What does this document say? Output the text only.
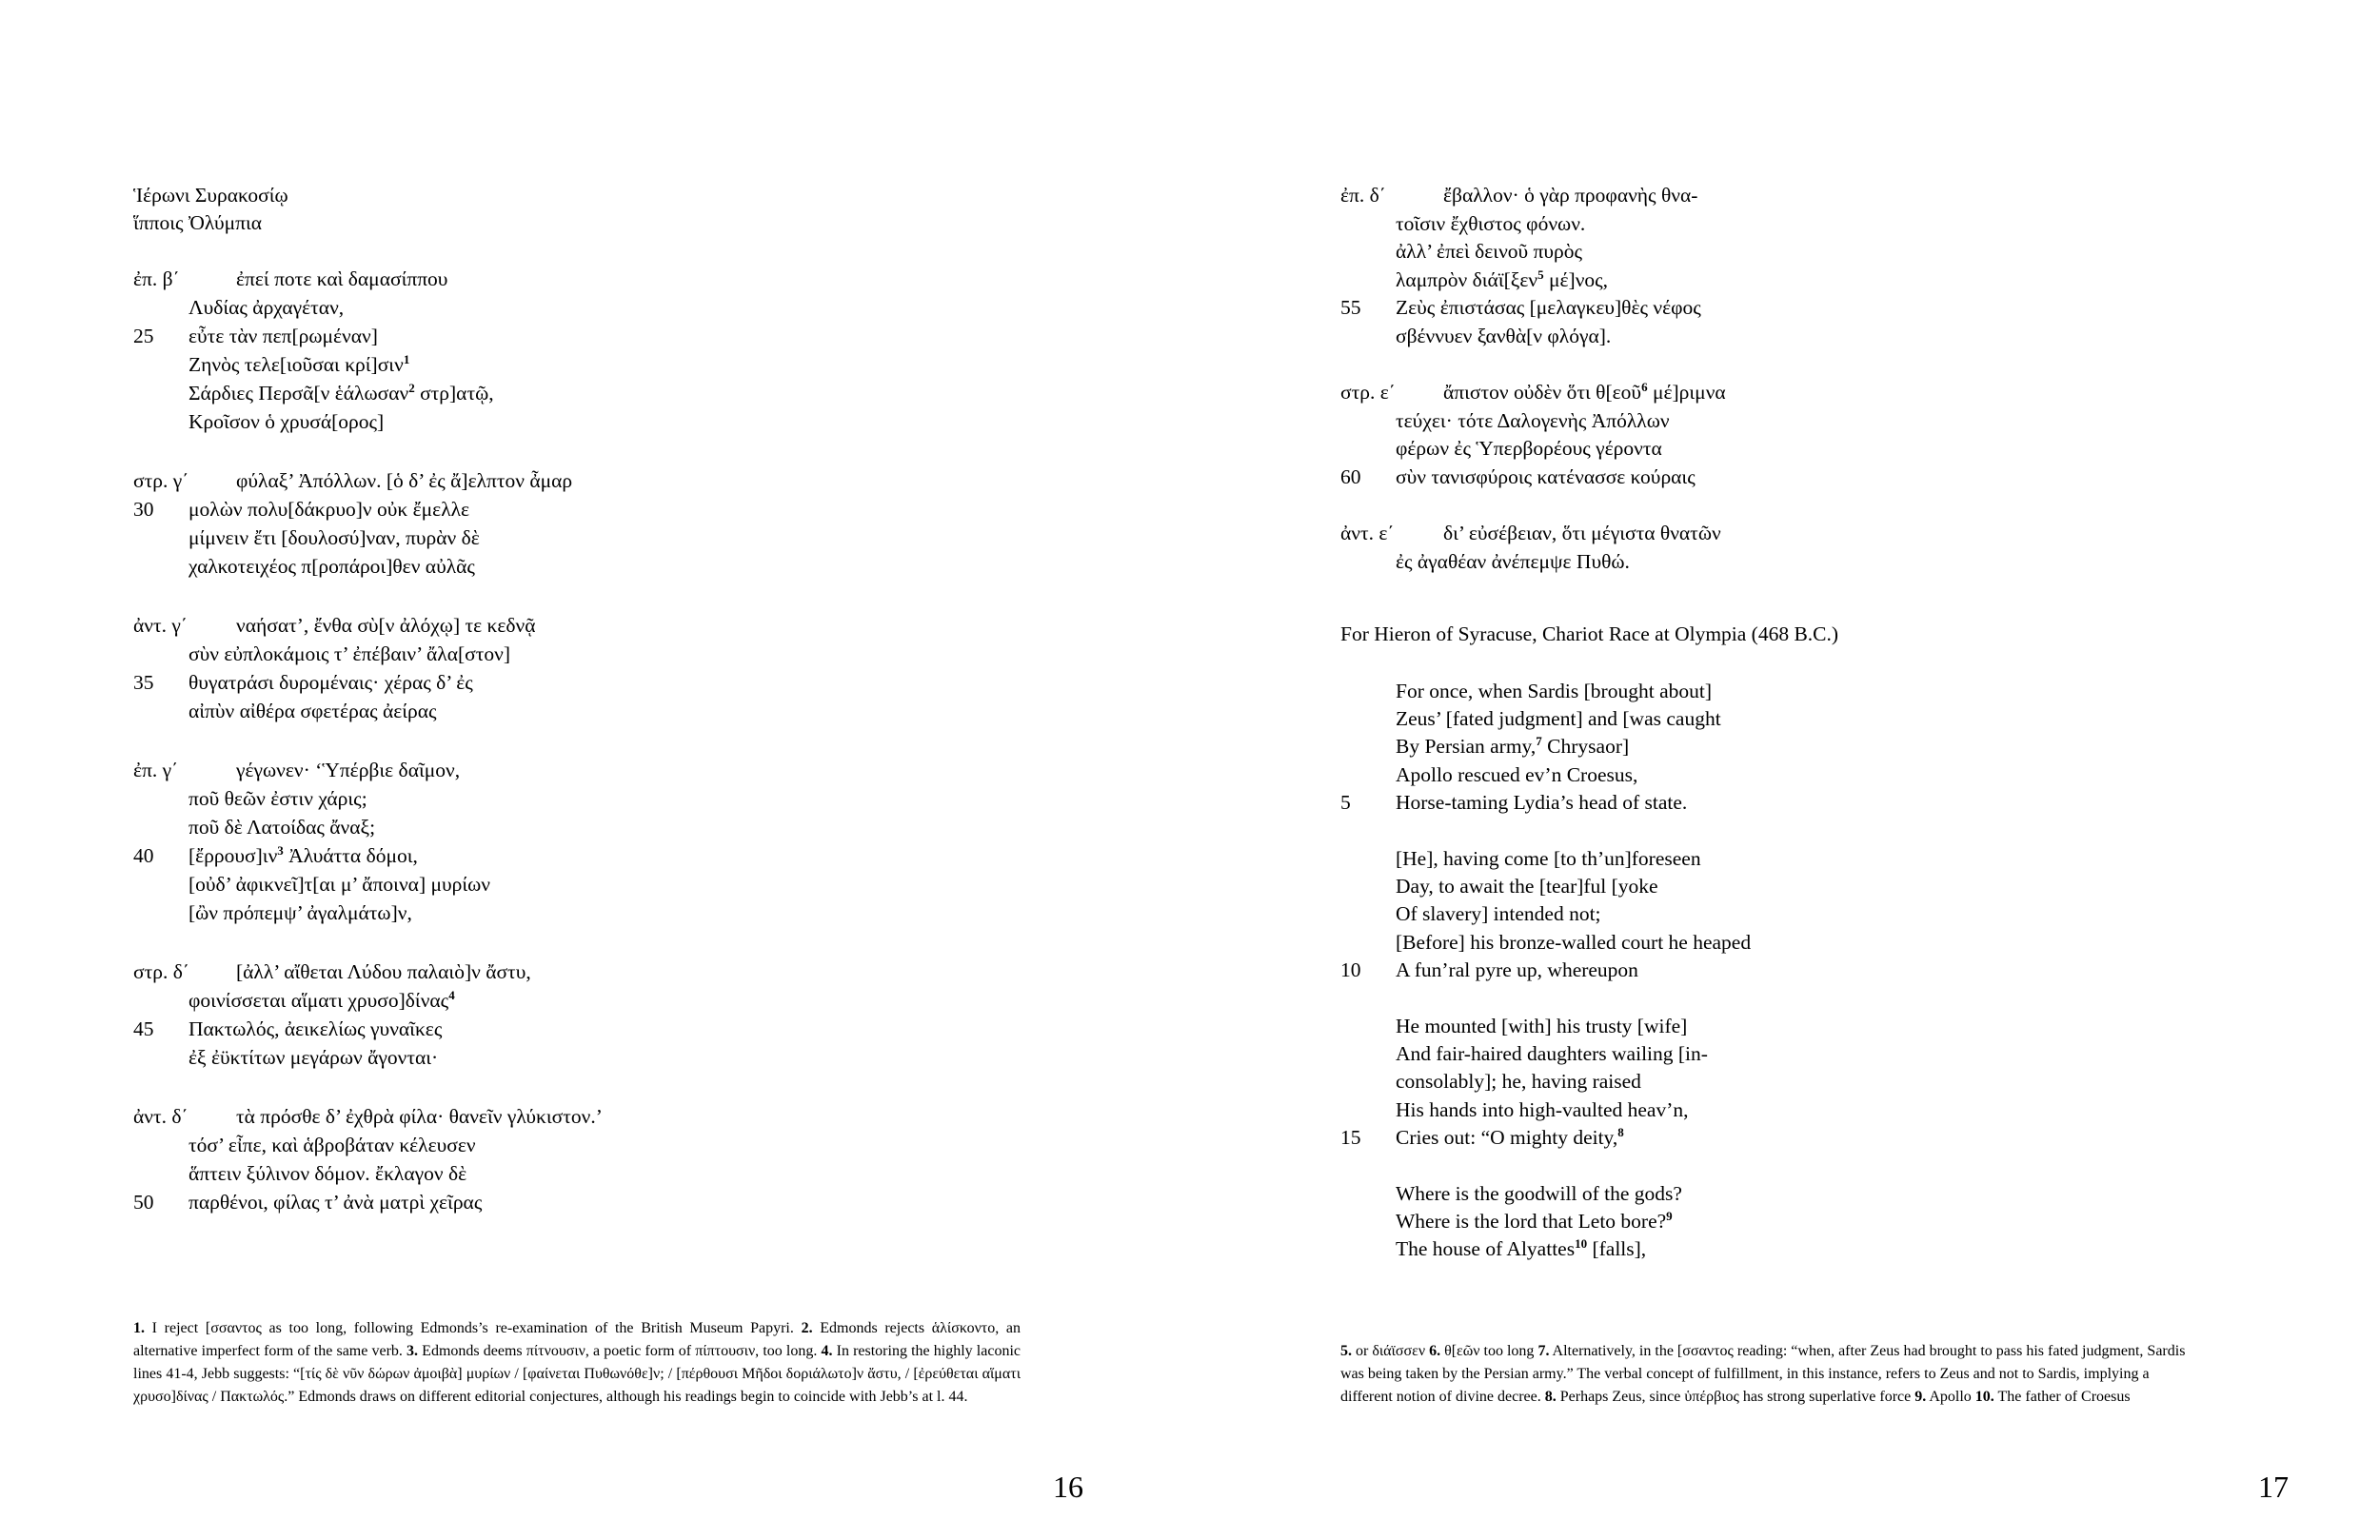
Ἱέρωνι Συρακοσίῳ
ἵπποις Ὀλύμπια
ἐπ. β΄	ἐπεί ποτε καὶ δαμασίππου
Λυδίας ἀρχαγέταν,
25 εὖτε τὰν πεπ[ρωμέναν]
Ζηνὸς τελε[ιοῦσαι κρί]σιν$^1$
Σάρδιες Περσᾶ[ν ἑάλωσαν$^2$ στρ]ατῷ,
Κροῖσον ὁ χρυσά[ορος]
στρ. γ΄ φύλαξ’ Ἀπόλλων. [ὁ δ’ ἐς ἄ]ελπτον ἆμαρ
30 μολὼν πολυ[δάκρυο]ν οὐκ ἔμελλε
μίμνειν ἔτι [δουλοσύ]ναν, πυρὰν δὲ
χαλκοτειχέος π[ροπάροι]θεν αὐλᾶς
ἀντ. γ΄ ναήσατ’, ἔνθα σὺ[ν ἀλόχῳ] τε κεδνᾷ
σὺν εὐπλοκάμοις τ’ ἐπέβαιν’ ἄλα[στον]
35 θυγατράσι δυρομέναις· χέρας δ’ ἐς
αἰπὺν αἰθέρα σφετέρας ἀείρας
ἐπ. γ΄	γέγωνεν· ‘Ὑπέρβιε δαῖμον,
ποῦ θεῶν ἐστιν χάρις;
ποῦ δὲ Λατοίδας ἄναξ;
40 $[ἔ\rho\rho o\upsilon\sigma]\iota\nu^3$ Ἀλυάττα δόμοι,
[οὐδ’ ἀφικνεῖ]τ[αι μ’ ἄποινα] μυρίων
[ὢν πρόπεμψ’ ἀγαλμάτω]ν,
στρ. δ΄ [ἀλλ’ αἴθεται Λύδου παλαιὸ]ν ἄστυ,
φοινίσσεται αἵματι χρυσο]δίνας$^4$
45 Πακτωλός, ἀεικελίως γυναῖκες
ἐξ ἐϋκτίτων μεγάρων ἄγονται·
ἀντ. δ΄ τὰ πρόσθε δ’ ἐχθρὰ φίλα· θανεῖν γλύκιστον.’
τόσ’ εἶπε, καὶ ἁβροβάταν κέλευσεν
ἅπτειν ξύλινον δόμον. ἔκλαγον δὲ
50 παρθένοι, φίλας τ’ ἀνὰ ματρὶ χεῖρας
1. I reject [σσαντος as too long, following Edmonds’s re-examination of the British Museum Papyri. 2. Edmonds rejects ἁλίσκοντο, an alternative imperfect form of the same verb. 3. Edmonds deems πίτνουσιν, a poetic form of πίπτουσιν, too long. 4. In restoring the highly laconic lines 41-4, Jebb suggests: “[τίς δὲ νῦν δώρων ἀμοιβὰ] μυρίων / [φαίνεται Πυθωνόθε]ν; / [πέρθουσι Μῆδοι δοριάλωτο]ν ἄστυ, / [ἐρεύθεται αἵματι χρυσο]δίνας / Πακτωλός.” Edmonds draws on different editorial conjectures, although his readings begin to coincide with Jebb’s at l. 44.
16
ἐπ. δ΄	ἔβαλλον· ὁ γὰρ προφανὴς θνα-
τοῖσιν ἔχθιστος φόνων.
ἀλλ’ ἐπεὶ δεινοῦ πυρὸς
λαμπρὸν διάϊ[ξεν$^5$ μέ]νος,
55 Ζεὺς ἐπιστάσας [μελαγκευ]θὲς νέφος
σβέννυεν ξανθὰ[ν φλόγα].
στρ. ε΄ ἄπιστον οὐδὲν ὅτι θ[εοῦ$^6$ μέ]ριμνα
τεύχει· τότε Δαλογενὴς Ἀπόλλων
φέρων ἐς Ὑπερβορέους γέροντα
60 σὺν τανισφύροις κατένασσε κούραις
ἀντ. ε΄ δι’ εὐσέβειαν, ὅτι μέγιστα θνατῶν
ἐς ἀγαθέαν ἀνέπεμψε Πυθώ.
For Hieron of Syracuse, Chariot Race at Olympia (468 B.C.)
For once, when Sardis [brought about]
Zeus’ [fated judgment] and [was caught
By Persian army,$^7$ Chrysaor]
Apollo rescued ev’n Croesus,
5 Horse-taming Lydia’s head of state.
[He], having come [to th’un]foreseen
Day, to await the [tear]ful [yoke
Of slavery] intended not;
[Before] his bronze-walled court he heaped
10 A fun’ral pyre up, whereupon
He mounted [with] his trusty [wife]
And fair-haired daughters wailing [in-
consolably]; he, having raised
His hands into high-vaulted heav’n,
15 Cries out: “O mighty deity,$^8$
Where is the goodwill of the gods?
Where is the lord that Leto bore?$^9$
The house of Alyattes$^{10}$ [falls],
5. or διάϊσσεν 6. θ[εῶν too long 7. Alternatively, in the [σσαντος reading: “when, after Zeus had brought to pass his fated judgment, Sardis was being taken by the Persian army.” The verbal concept of fulfillment, in this instance, refers to Zeus and not to Sardis, implying a different notion of divine decree. 8. Perhaps Zeus, since ὑπέρβιος has strong superlative force 9. Apollo 10. The father of Croesus
17
